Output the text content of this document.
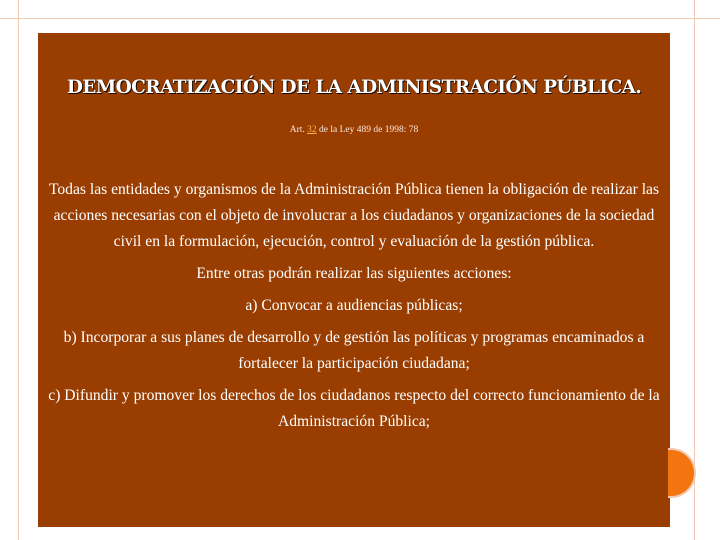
DEMOCRATIZACIÓN DE LA ADMINISTRACIÓN PÚBLICA.
Art. 32 de la Ley 489 de 1998: 78

Todas las entidades y organismos de la Administración Pública tienen la obligación de realizar las acciones necesarias con el objeto de involucrar a los ciudadanos y organizaciones de la sociedad civil en la formulación, ejecución, control y evaluación de la gestión pública.

Entre otras podrán realizar las siguientes acciones:

a) Convocar a audiencias públicas;

b) Incorporar a sus planes de desarrollo y de gestión las políticas y programas encaminados a fortalecer la participación ciudadana;

c) Difundir y promover los derechos de los ciudadanos respecto del correcto funcionamiento de la Administración Pública;
